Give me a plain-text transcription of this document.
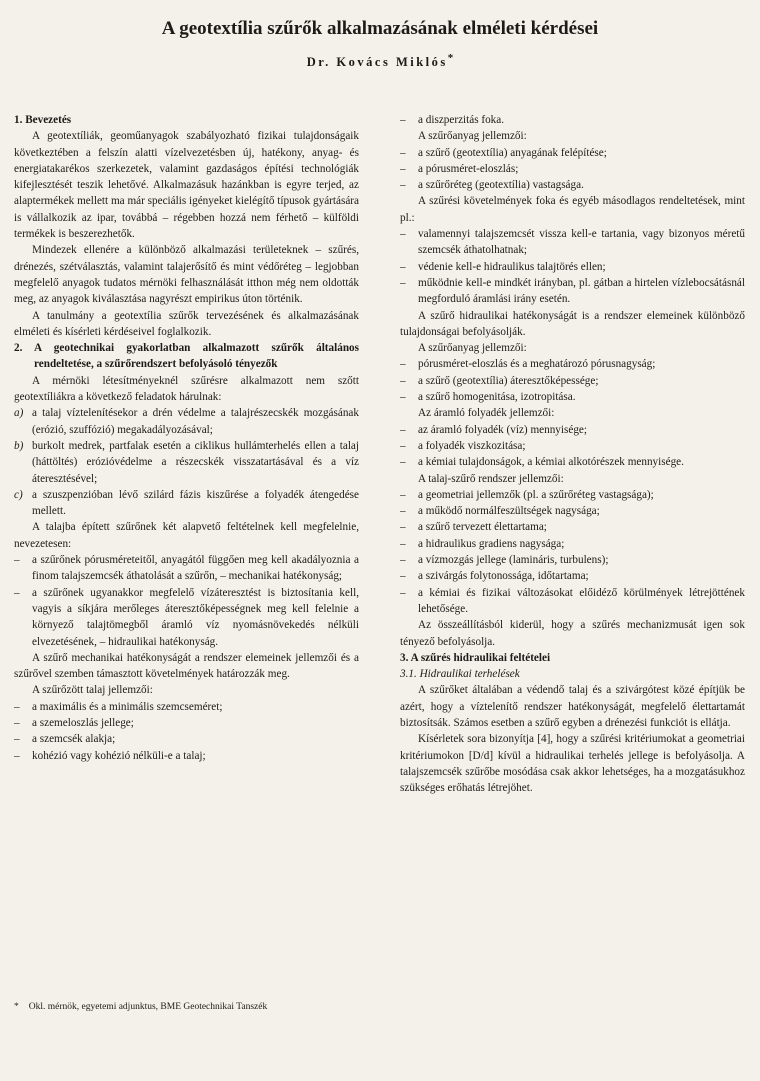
A geotextília szűrők alkalmazásának elméleti kérdései
Dr. Kovács Miklós*

1. Bevezetés

A geotextíliák, geoműanyagok szabályozható fizikai tulajdonságaik következtében a felszín alatti vízelvezetésben új, hatékony, anyag- és energiatakarékos szerkezetek, valamint gazdaságos építési technológiák kifejlesztését teszik lehetővé. Alkalmazásuk hazánkban is egyre terjed, az alaptermékek mellett ma már speciális igényeket kielégítő típusok gyártására is vállalkozik az ipar, továbbá – régebben hozzá nem férhető – külföldi termékek is beszerezhetők.

Mindezek ellenére a különböző alkalmazási területeknek – szűrés, drénezés, szétválasztás, valamint talajerősítő és mint védőréteg – legjobban megfelelő anyagok tudatos mérnöki felhasználását itthon még nem oldották meg, az anyagok kiválasztása nagyrészt empirikus úton történik.

A tanulmány a geotextília szűrők tervezésének és alkalmazásának elméleti és kísérleti kérdéseivel foglalkozik.

2. A geotechnikai gyakorlatban alkalmazott szűrők általános rendeltetése, a szűrőrendszert befolyásoló tényezők

A mérnöki létesítményeknél szűrésre alkalmazott nem szőtt geotextíliákra a következő feladatok hárulnak:

a) a talaj víztelenítésekor a drén védelme a talajrészecskék mozgásának (erózió, szuffózió) megakadályozásával;
b) burkolt medrek, partfalak esetén a ciklikus hullámterhelés ellen a talaj (háttöltés) erózióvédelme a részecskék visszatartásával és a víz áteresztésével;
c) a szuszpenzióban lévő szilárd fázis kiszűrése a folyadék átengedése mellett.

A talajba épített szűrőnek két alapvető feltételnek kell megfelelnie, nevezetesen:

– a szűrőnek pórusméreteitől, anyagától függően meg kell akadályoznia a finom talajszemcsék áthatolását a szűrőn, – mechanikai hatékonyság;
– a szűrőnek ugyanakkor megfelelő vízáteresztést is biztosítania kell, vagyis a síkjára merőleges áteresztőképességnek meg kell felelnie a környező talajtömegből áramló víz nyomásnövekedés nélküli elvezetésének, – hidraulikai hatékonyság.

A szűrő mechanikai hatékonyságát a rendszer elemeinek jellemzői és a szűrővel szemben támasztott követelmények határozzák meg.

A szűrőzött talaj jellemzői:

– a maximális és a minimális szemcseméret;
– a szemeloszlás jellege;
– a szemcsék alakja;
– kohézió vagy kohézió nélküli-e a talaj;
* Okl. mérnök, egyetemi adjunktus, BME Geotechnikai Tanszék
– a diszperzitás foka.

A szűrőanyag jellemzői:

– a szűrő (geotextília) anyagának felépítése;
– a pórusméret-eloszlás;
– a szűrőréteg (geotextília) vastagsága.

A szűrési követelmények foka és egyéb másodlagos rendeltetések, mint pl.:

– valamennyi talajszemcsét vissza kell-e tartania, vagy bizonyos méretű szemcsék áthatolhatnak;
– védenie kell-e hidraulikus talajtörés ellen;
– működnie kell-e mindkét irányban, pl. gátban a hirtelen vízlebocsátásnál megforduló áramlási irány esetén.

A szűrő hidraulikai hatékonyságát is a rendszer elemeinek különböző tulajdonságai befolyásolják.

A szűrőanyag jellemzői:

– pórusméret-eloszlás és a meghatározó pórusnagyság;
– a szűrő (geotextília) áteresztőképessége;
– a szűrő homogenitása, izotropitása.

Az áramló folyadék jellemzői:

– az áramló folyadék (víz) mennyisége;
– a folyadék viszkozitása;
– a kémiai tulajdonságok, a kémiai alkotórészek mennyisége.

A talaj-szűrő rendszer jellemzői:

– a geometriai jellemzők (pl. a szűrőréteg vastagsága);
– a működő normálfeszültségek nagysága;
– a szűrő tervezett élettartama;
– a hidraulikus gradiens nagysága;
– a vízmozgás jellege (lamináris, turbulens);
– a szivárgás folytonossága, időtartama;
– a kémiai és fizikai változásokat előidéző körülmények létrejöttének lehetősége.

Az összeállításból kiderül, hogy a szűrés mechanizmusát igen sok tényező befolyásolja.

3. A szűrés hidraulikai feltételei

3.1. Hidraulikai terhelések

A szűrőket általában a védendő talaj és a szivárgótest közé építjük be azért, hogy a víztelenítő rendszer hatékonyságát, megfelelő élettartamát biztosítsák. Számos esetben a szűrő egyben a drénezési funkciót is ellátja.

Kísérletek sora bizonyítja [4], hogy a szűrési kritériumokat a geometriai kritériumokon [D/d] kívül a hidraulikai terhelés jellege is befolyásolja. A talajszemcsék szűrőbe mosódása csak akkor lehetséges, ha a mozgatásukhoz szükséges erőhatás létrejöhet.
